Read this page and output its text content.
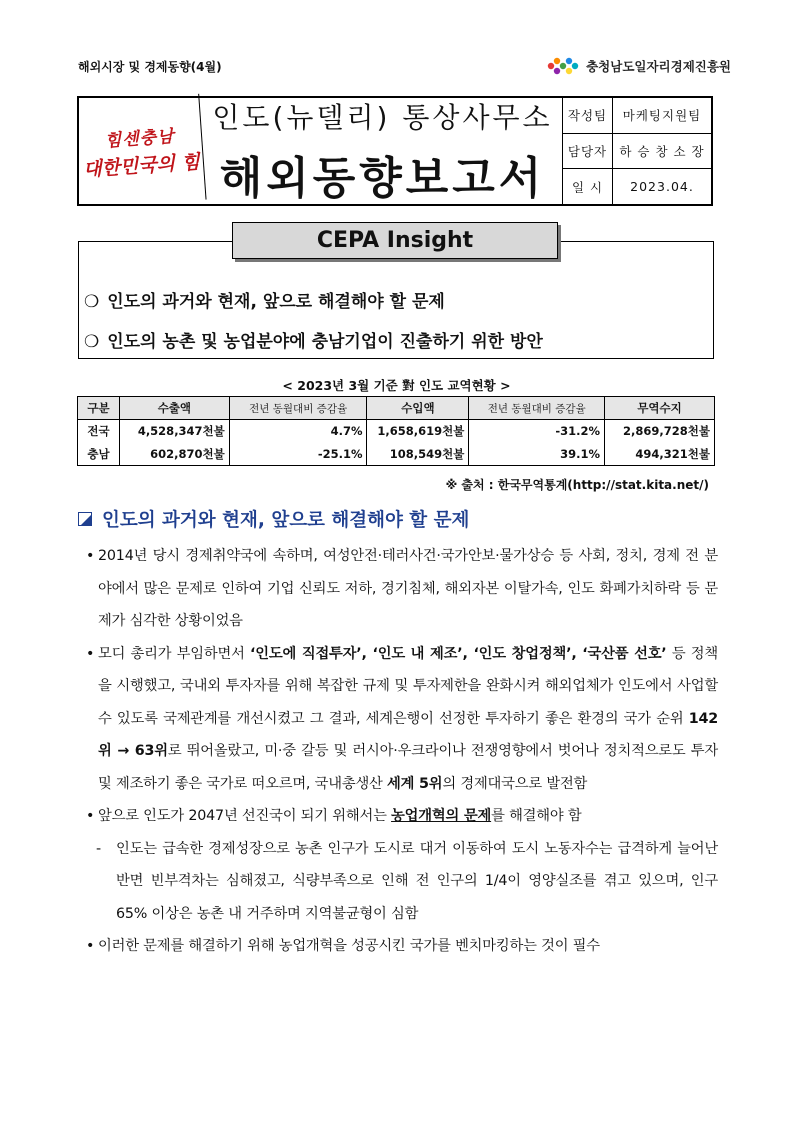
해외시장 및 경제동향(4월)	충청남도일자리경제진흥원
힘센충남
대한민국의 힘
인도(뉴델리) 통상사무소
해외동향보고서
작성팀	마케팅지원팀
담당자 하 승 창 소 장
일 시	2023.04.
CEPA Insight
❍ 인도의 과거와 현재, 앞으로 해결해야 할 문제
❍ 인도의 농촌 및 농업분야에 충남기업이 진출하기 위한 방안
< 2023년 3월 기준 對 인도 교역현황 >
구분	수출액	전년 동월대비 증감율	수입액	전년 동월대비 증감율	무역수지
전국	4,528,347천불	4.7%	1,658,619천불	-31.2%	2,869,728천불
충남	602,870천불	-25.1%	108,549천불	39.1%	494,321천불
※ 출처 : 한국무역통계(http://stat.kita.net/)
인도의 과거와 현재, 앞으로 해결해야 할 문제
• 2014년 당시 경제취약국에 속하며, 여성안전·테러사건·국가안보·물가상승 등 사회, 정치, 경제 전 분야에서 많은 문제로 인하여 기업 신뢰도 저하, 경기침체, 해외자본 이탈가속, 인도 화폐가치하락 등 문제가 심각한 상황이었음
• 모디 총리가 부임하면서 ‘인도에 직접투자’, ‘인도 내 제조’, ‘인도 창업정책’, ‘국산품 선호’ 등 정책을 시행했고, 국내외 투자자를 위해 복잡한 규제 및 투자제한을 완화시켜 해외업체가 인도에서 사업할 수 있도록 국제관계를 개선시켰고 그 결과, 세계은행이 선정한 투자하기 좋은 환경의 국가 순위 142위 → 63위로 뛰어올랐고, 미·중 갈등 및 러시아·우크라이나 전쟁영향에서 벗어나 정치적으로도 투자 및 제조하기 좋은 국가로 떠오르며, 국내총생산 세계 5위의 경제대국으로 발전함
• 앞으로 인도가 2047년 선진국이 되기 위해서는 농업개혁의 문제를 해결해야 함
- 인도는 급속한 경제성장으로 농촌 인구가 도시로 대거 이동하여 도시 노동자수는 급격하게 늘어난 반면 빈부격차는 심해졌고, 식량부족으로 인해 전 인구의 1/4이 영양실조를 겪고 있으며, 인구 65% 이상은 농촌 내 거주하며 지역불균형이 심함
• 이러한 문제를 해결하기 위해 농업개혁을 성공시킨 국가를 벤치마킹하는 것이 필수
